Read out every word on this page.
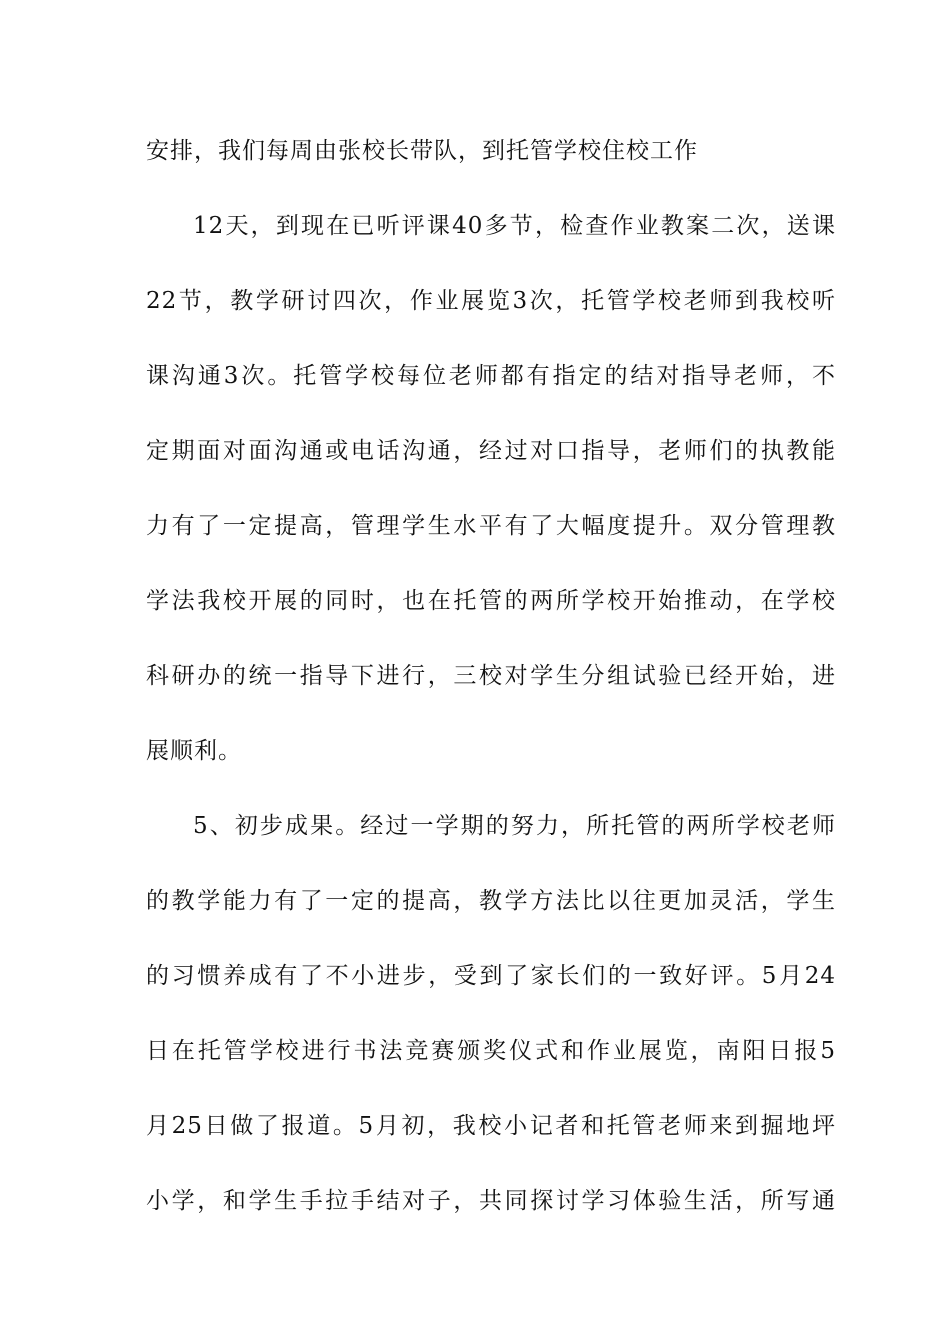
安排，我们每周由张校长带队，到托管学校住校工作
12天，到现在已听评课40多节，检查作业教案二次，送课
22节，教学研讨四次，作业展览3次，托管学校老师到我校听
课沟通3次。托管学校每位老师都有指定的结对指导老师，不
定期面对面沟通或电话沟通，经过对口指导，老师们的执教能
力有了一定提高，管理学生水平有了大幅度提升。双分管理教
学法我校开展的同时，也在托管的两所学校开始推动，在学校
科研办的统一指导下进行，三校对学生分组试验已经开始，进
展顺利。
5、初步成果。经过一学期的努力，所托管的两所学校老师
的教学能力有了一定的提高，教学方法比以往更加灵活，学生
的习惯养成有了不小进步，受到了家长们的一致好评。5月24
日在托管学校进行书法竞赛颁奖仪式和作业展览，南阳日报5
月25日做了报道。5月初，我校小记者和托管老师来到掘地坪
小学，和学生手拉手结对子，共同探讨学习体验生活，所写通
